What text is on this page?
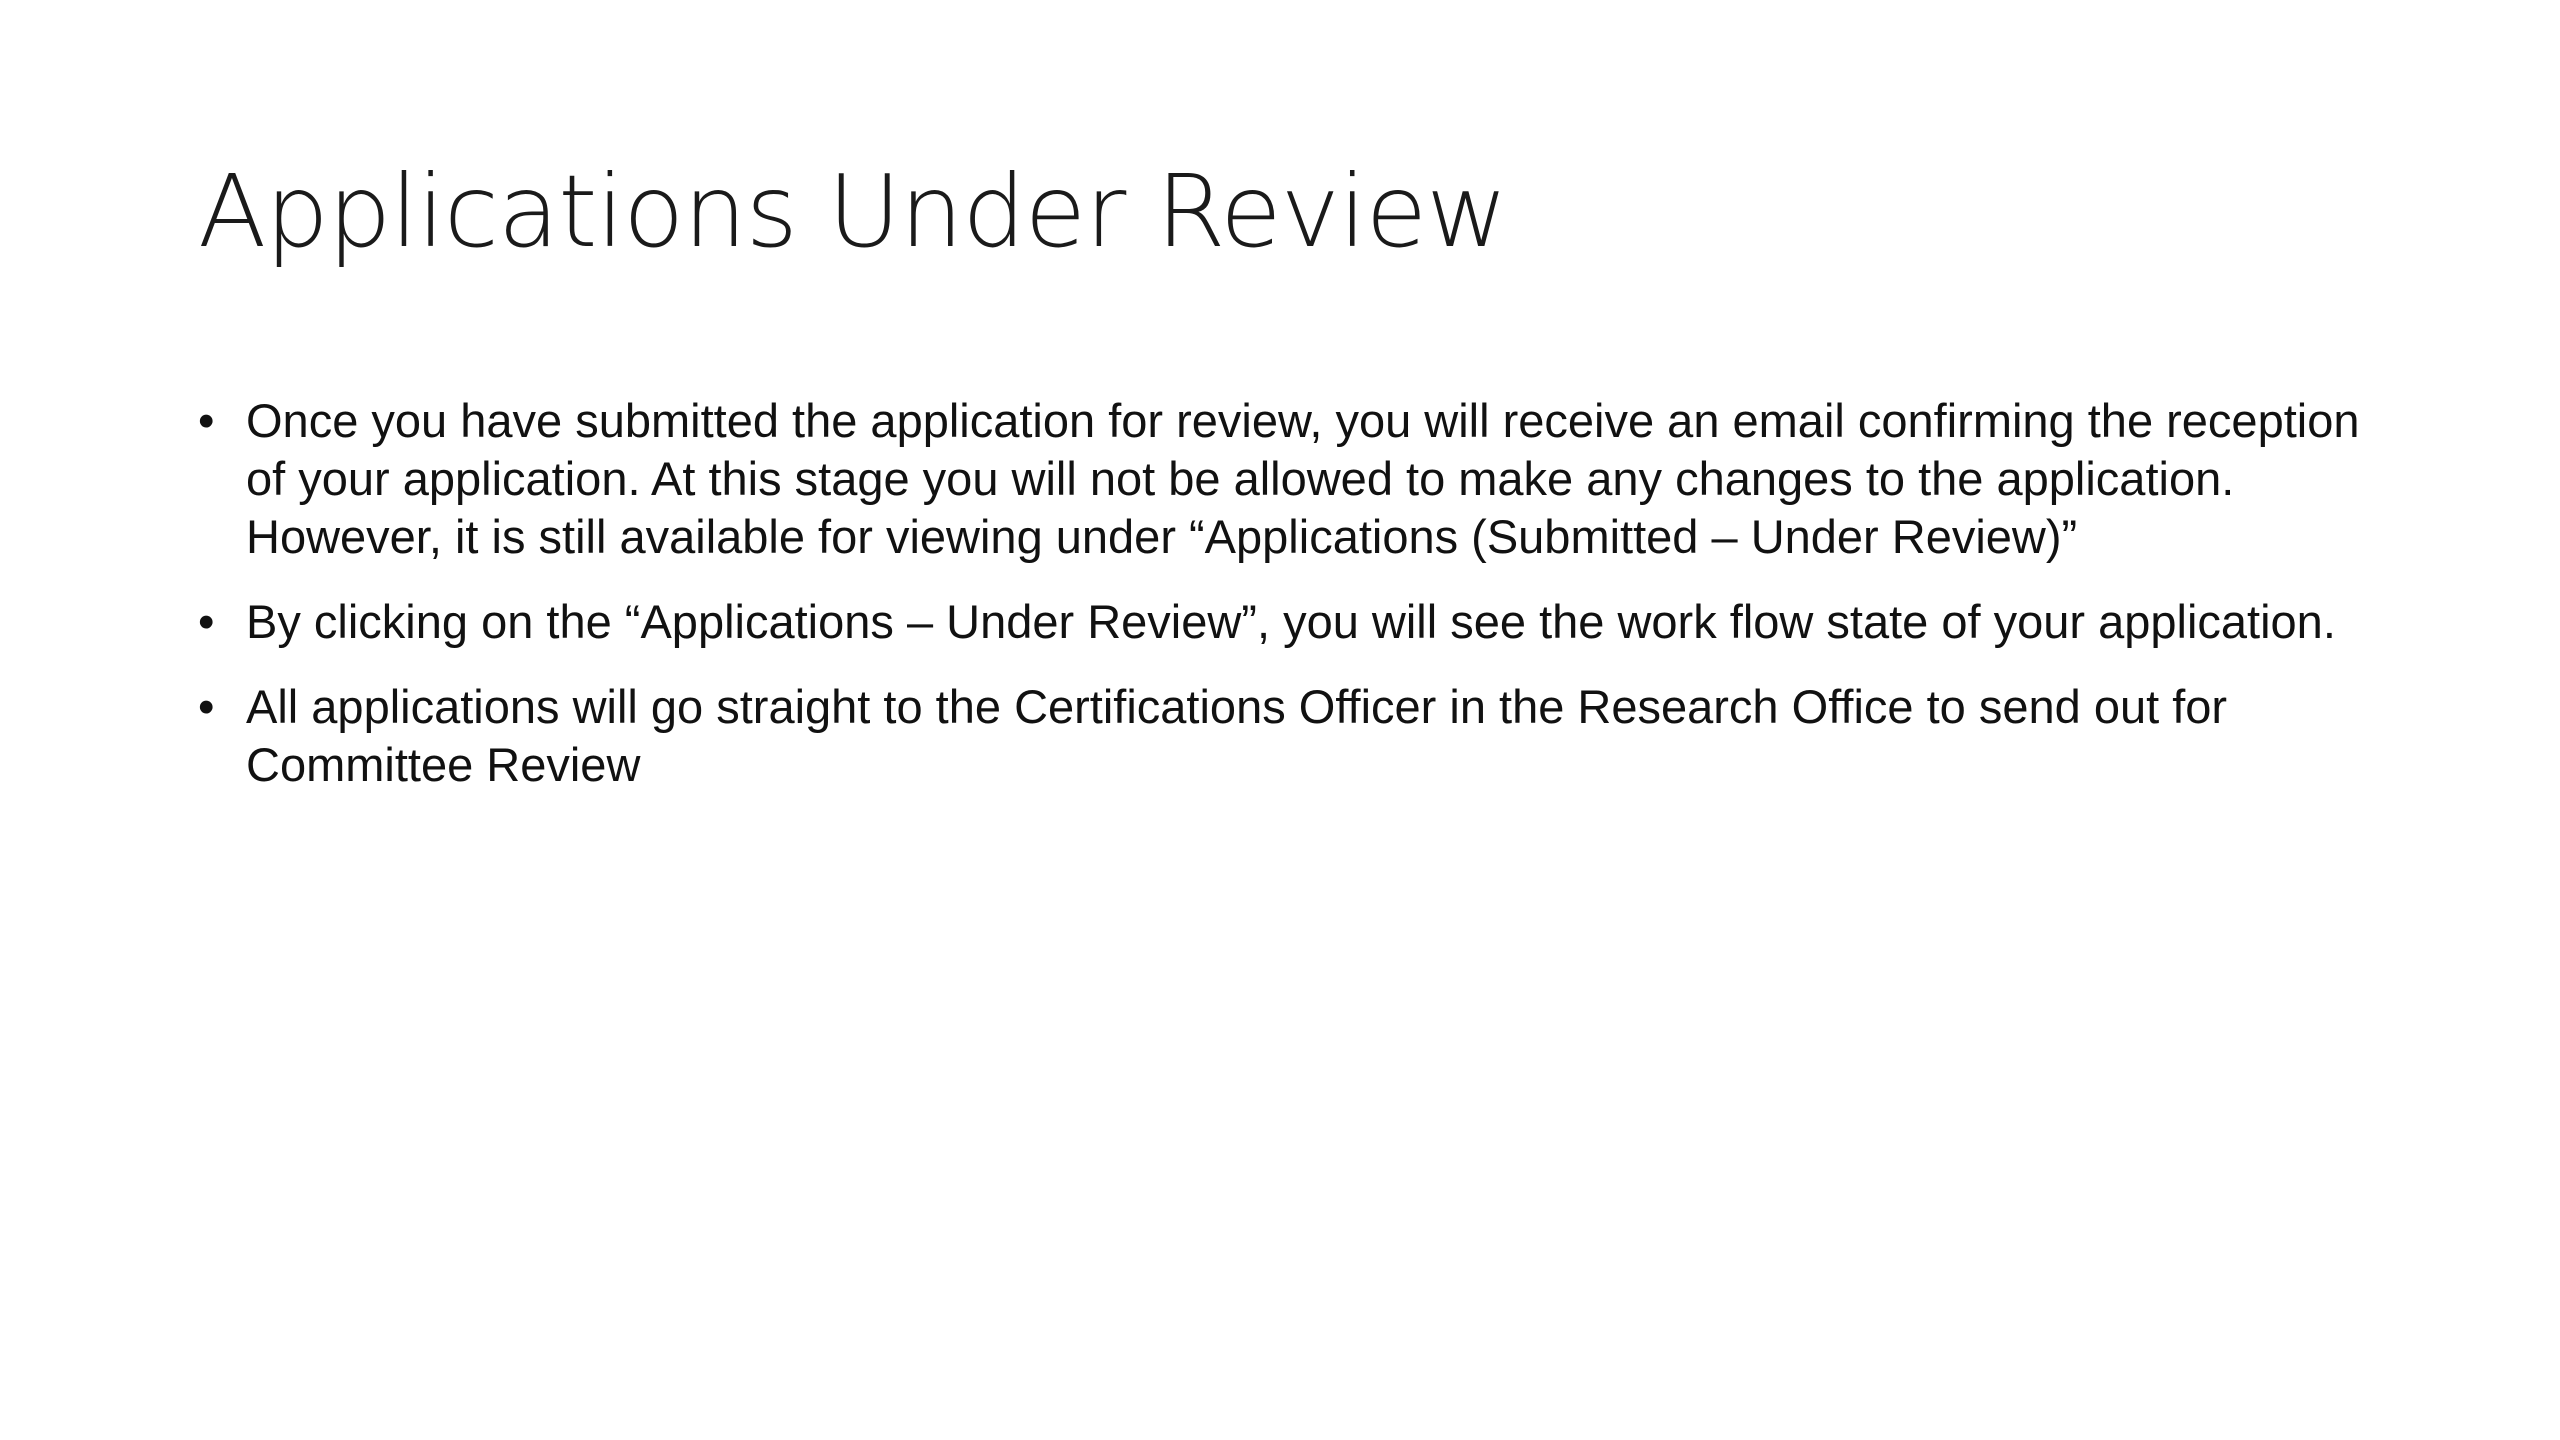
Applications Under Review
• Once you have submitted the application for review, you will receive an email confirming the reception of your application. At this stage you will not be allowed to make any changes to the application. However, it is still available for viewing under “Applications (Submitted – Under Review)”
• By clicking on the “Applications – Under Review”, you will see the work flow state of your application.
• All applications will go straight to the Certifications Officer in the Research Office to send out for Committee Review
